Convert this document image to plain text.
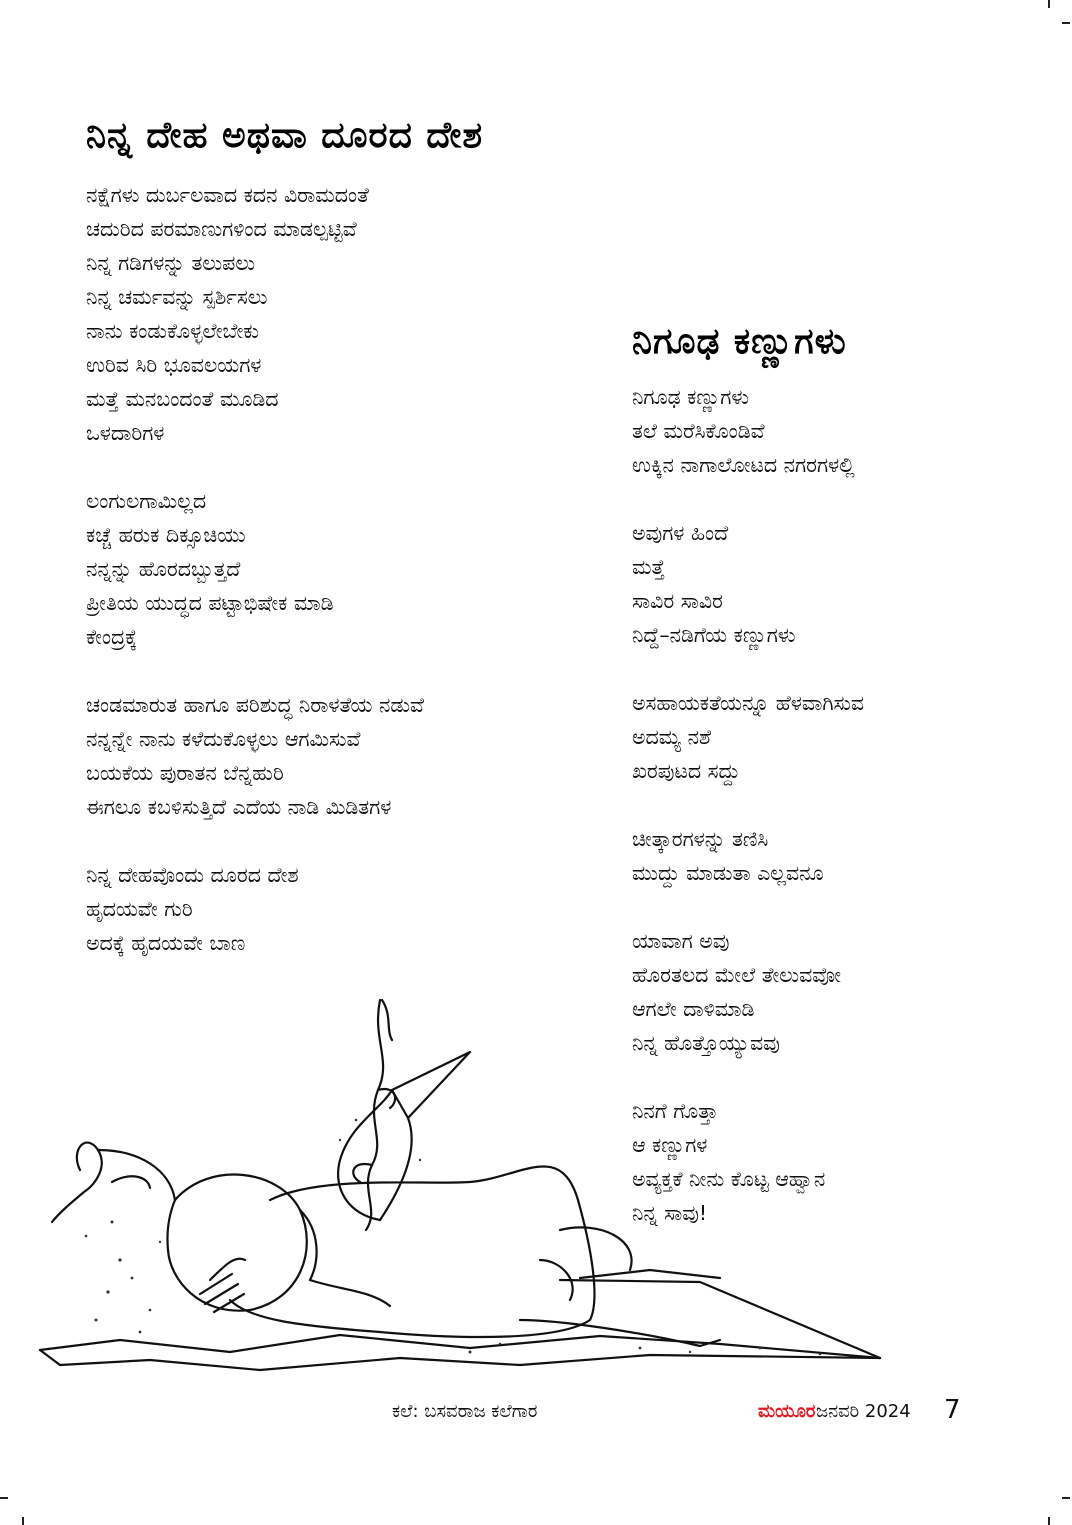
ನಿನ್ನ ದೇಹ ಅಥವಾ ದೂರದ ದೇಶ
ನಕ್ಷೆಗಳು ದುರ್ಬಲವಾದ ಕದನ ವಿರಾಮದಂತೆ
ಚದುರಿದ ಪರಮಾಣುಗಳಿಂದ ಮಾಡಲ್ಪಟ್ಟಿವೆ
ನಿನ್ನ ಗಡಿಗಳನ್ನು ತಲುಪಲು
ನಿನ್ನ ಚರ್ಮವನ್ನು ಸ್ಪರ್ಶಿಸಲು
ನಾನು ಕಂಡುಕೊಳ್ಳಲೇಬೇಕು
ಉರಿವ ಸಿರಿ ಭೂವಲಯಗಳ
ಮತ್ತೆ ಮನಬಂದಂತೆ ಮೂಡಿದ
ಒಳದಾರಿಗಳ
ಲಂಗುಲಗಾಮಿಲ್ಲದ
ಕಚ್ಚೆ ಹರುಕ ದಿಕ್ಸೂಚಿಯು
ನನ್ನನ್ನು ಹೊರದಬ್ಬುತ್ತದೆ
ಪ್ರೀತಿಯ ಯುದ್ಧದ ಪಟ್ಟಾಭಿಷೇಕ ಮಾಡಿ
ಕೇಂದ್ರಕ್ಕೆ
ಚಂಡಮಾರುತ ಹಾಗೂ ಪರಿಶುದ್ಧ ನಿರಾಳತೆಯ ನಡುವೆ
ನನ್ನನ್ನೇ ನಾನು ಕಳೆದುಕೊಳ್ಳಲು ಆಗಮಿಸುವೆ
ಬಯಕೆಯ ಪುರಾತನ ಬೆನ್ನಹುರಿ
ಈಗಲೂ ಕಬಳಿಸುತ್ತಿದೆ ಎದೆಯ ನಾಡಿ ಮಿಡಿತಗಳ
ನಿನ್ನ ದೇಹವೊಂದು ದೂರದ ದೇಶ
ಹೃದಯವೇ ಗುರಿ
ಅದಕ್ಕೆ ಹೃದಯವೇ ಬಾಣ
ನಿಗೂಢ ಕಣ್ಣುಗಳು
ನಿಗೂಢ ಕಣ್ಣುಗಳು
ತಲೆ ಮರೆಸಿಕೊಂಡಿವೆ
ಉಕ್ಕಿನ ನಾಗಾಲೋಟದ ನಗರಗಳಲ್ಲಿ
ಅವುಗಳ ಹಿಂದೆ
ಮತ್ತೆ
ಸಾವಿರ ಸಾವಿರ
ನಿದ್ದೆ–ನಡಿಗೆಯ ಕಣ್ಣುಗಳು
ಅಸಹಾಯಕತೆಯನ್ನೂ ಹೆಳವಾಗಿಸುವ
ಅದಮ್ಯ ನಶೆ
ಖರಪುಟದ ಸದ್ದು
ಚೀತ್ಕಾರಗಳನ್ನು ತಣಿಸಿ
ಮುದ್ದು ಮಾಡುತಾ ಎಲ್ಲವನೂ
ಯಾವಾಗ ಅವು
ಹೊರತಲದ ಮೇಲೆ ತೇಲುವವೋ
ಆಗಲೇ ದಾಳಿಮಾಡಿ
ನಿನ್ನ ಹೊತ್ತೊಯ್ಯುವವು
ನಿನಗೆ ಗೊತ್ತಾ
ಆ ಕಣ್ಣುಗಳ
ಅವ್ಯಕ್ತಕೆ ನೀನು ಕೊಟ್ಟ ಆಹ್ವಾನ
ನಿನ್ನ ಸಾವು!
ಕಲೆ: ಬಸವರಾಜ ಕಲೆಗಾರ	ಮಯೂರ ಜನವರಿ 2024 7
